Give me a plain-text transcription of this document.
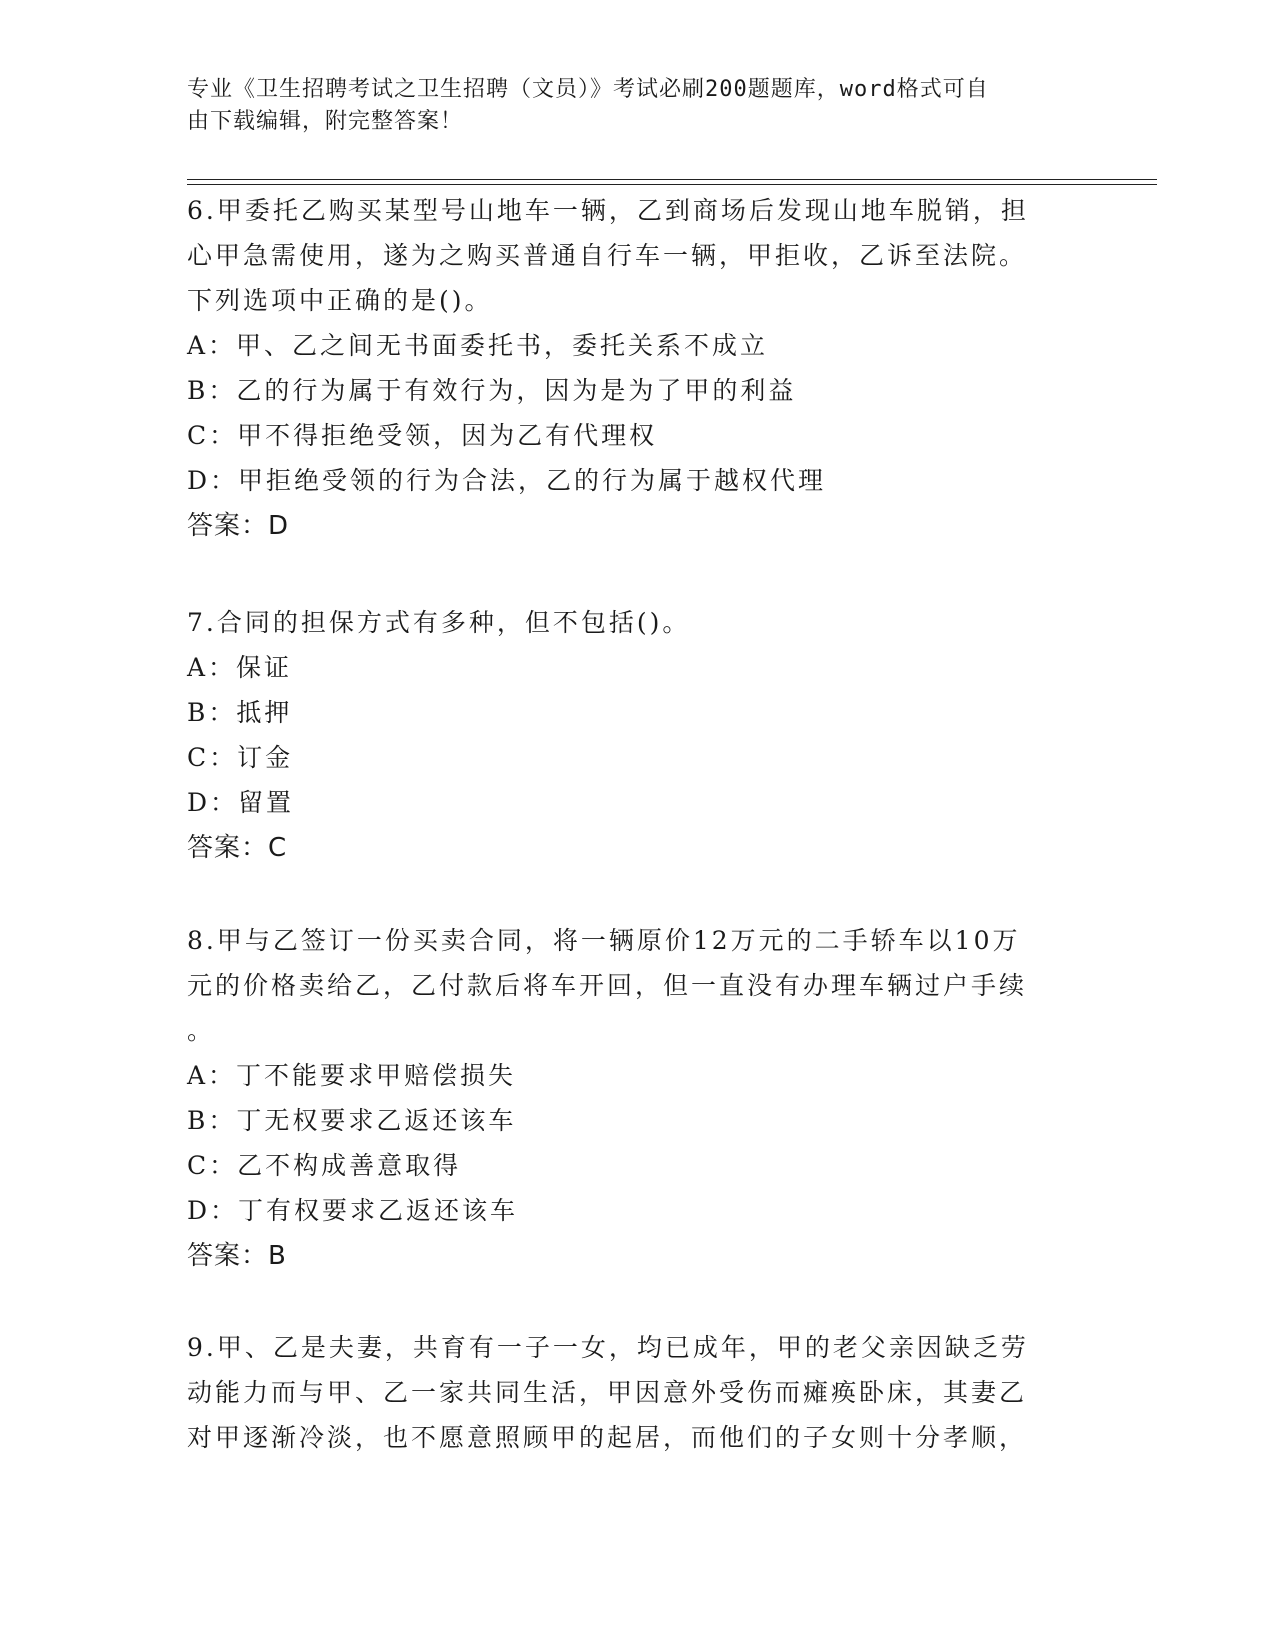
专业《卫生招聘考试之卫生招聘（文员）》考试必刷200题题库，word格式可自
由下载编辑，附完整答案！
6.甲委托乙购买某型号山地车一辆，乙到商场后发现山地车脱销，担
心甲急需使用，遂为之购买普通自行车一辆，甲拒收，乙诉至法院。
下列选项中正确的是()。
A：甲、乙之间无书面委托书，委托关系不成立
B：乙的行为属于有效行为，因为是为了甲的利益
C：甲不得拒绝受领，因为乙有代理权
D：甲拒绝受领的行为合法，乙的行为属于越权代理
答案：D
7.合同的担保方式有多种，但不包括()。
A：保证
B：抵押
C：订金
D：留置
答案：C
8.甲与乙签订一份买卖合同，将一辆原价12万元的二手轿车以10万
元的价格卖给乙，乙付款后将车开回，但一直没有办理车辆过户手续
。
A：丁不能要求甲赔偿损失
B：丁无权要求乙返还该车
C：乙不构成善意取得
D：丁有权要求乙返还该车
答案：B
9.甲、乙是夫妻，共育有一子一女，均已成年，甲的老父亲因缺乏劳
动能力而与甲、乙一家共同生活，甲因意外受伤而瘫痪卧床，其妻乙
对甲逐渐冷淡，也不愿意照顾甲的起居，而他们的子女则十分孝顺，
